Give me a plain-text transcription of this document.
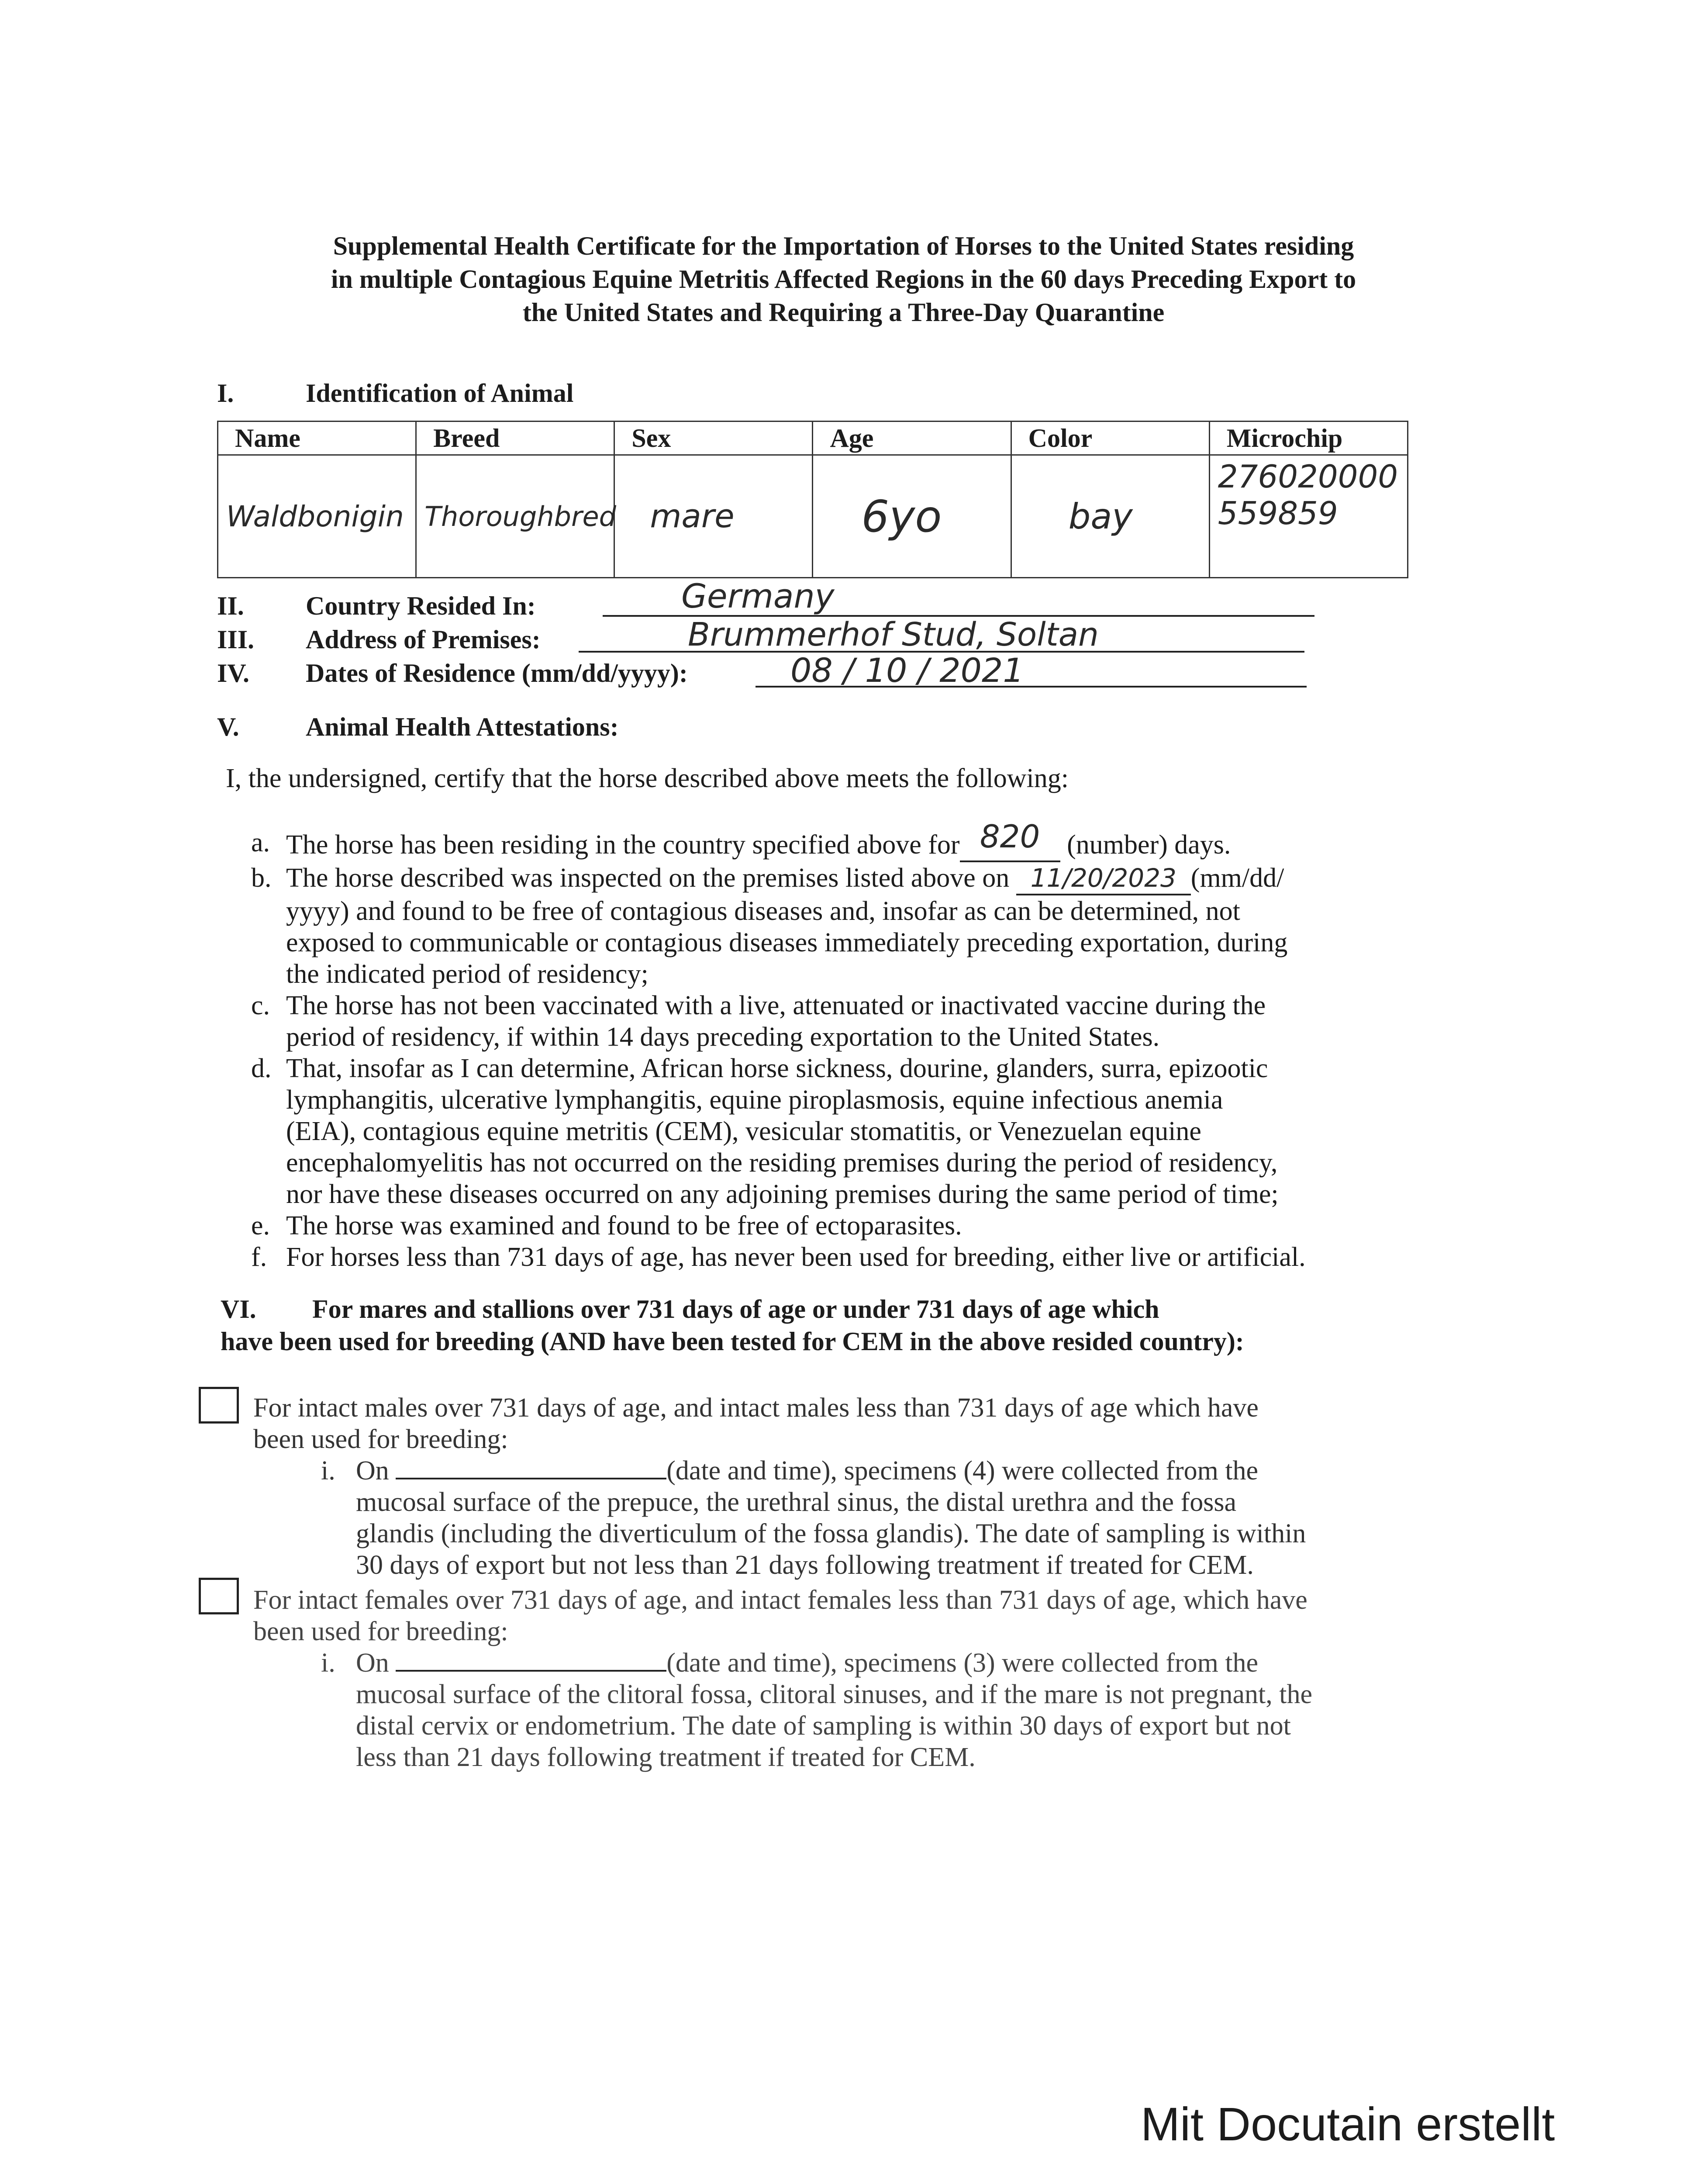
Supplemental Health Certificate for the Importation of Horses to the United States residing
in multiple Contagious Equine Metritis Affected Regions in the 60 days Preceding Export to
the United States and Requiring a Three-Day Quarantine
I.	Identification of Animal
Name	Breed	Sex	Age	Color	Microchip
Waldbonigin	Thoroughbred	mare	6yo	bay	276020000
559859
II. Country Resided In:	Germany
III. Address of Premises:	Brummerhof Stud, Soltan
IV. Dates of Residence (mm/dd/yyyy):	08 / 10 / 2021
V.	Animal Health Attestations:
I, the undersigned, certify that the horse described above meets the following:
a. The horse has been residing in the country specified above for 820 (number) days.
b. The horse described was inspected on the premises listed above on 11/20/2023 (mm/dd/
yyyy) and found to be free of contagious diseases and, insofar as can be determined, not
exposed to communicable or contagious diseases immediately preceding exportation, during
the indicated period of residency;
c. The horse has not been vaccinated with a live, attenuated or inactivated vaccine during the
period of residency, if within 14 days preceding exportation to the United States.
d. That, insofar as I can determine, African horse sickness, dourine, glanders, surra, epizootic
lymphangitis, ulcerative lymphangitis, equine piroplasmosis, equine infectious anemia
(EIA), contagious equine metritis (CEM), vesicular stomatitis, or Venezuelan equine
encephalomyelitis has not occurred on the residing premises during the period of residency,
nor have these diseases occurred on any adjoining premises during the same period of time;
e. The horse was examined and found to be free of ectoparasites.
f. For horses less than 731 days of age, has never been used for breeding, either live or artificial.
VI. For mares and stallions over 731 days of age or under 731 days of age which
have been used for breeding (AND have been tested for CEM in the above resided country):
For intact males over 731 days of age, and intact males less than 731 days of age which have
been used for breeding:
i. On	(date and time), specimens (4) were collected from the
mucosal surface of the prepuce, the urethral sinus, the distal urethra and the fossa
glandis (including the diverticulum of the fossa glandis). The date of sampling is within
30 days of export but not less than 21 days following treatment if treated for CEM.
For intact females over 731 days of age, and intact females less than 731 days of age, which have
been used for breeding:
i. On	(date and time), specimens (3) were collected from the
mucosal surface of the clitoral fossa, clitoral sinuses, and if the mare is not pregnant, the
distal cervix or endometrium. The date of sampling is within 30 days of export but not
less than 21 days following treatment if treated for CEM.
Mit Docutain erstellt
